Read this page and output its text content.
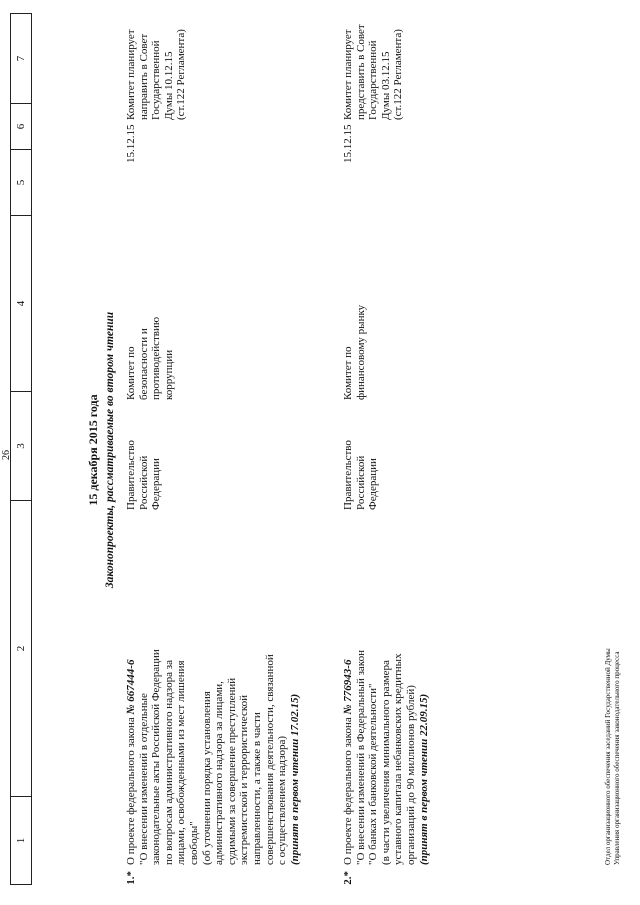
26
1
2
3
4
5
6
7
15 декабря 2015 года Законопроекты, рассматриваемые во втором чтении
1.*
О проекте федерального закона № 667444-6
"О внесении изменений в отдельные законодательные акты Российской Федерации по вопросам административного надзора за лицами, освобожденными из мест лишения свободы" (об уточнении порядка установления административного надзора за лицами, судимыми за совершение преступлений экстремистской и террористической направленности, а также в части совершенствования деятельности, связанной с осуществлением надзора) (принят в первом чтении 17.02.15)
Правительство Российской Федерации
Комитет по безопасности и противодействию коррупции
15.12.15
Комитет планирует направить в Совет Государственной Думы 10.12.15 (ст.122 Регламента)
2.*
О проекте федерального закона № 776943-6 "О внесении изменений в Федеральный закон "О банках и банковской деятельности" (в части увеличения минимального размера уставного капитала небанковских кредитных организаций до 90 миллионов рублей) (принят в первом чтении 22.09.15)
Правительство Российской Федерации
Комитет по финансовому рынку
15.12.15
Комитет планирует представить в Совет Государственной Думы 03.12.15 (ст.122 Регламента)
Отдел организационного обеспечения заседаний Государственной Думы Управления организационного обеспечения законодательного процесса
